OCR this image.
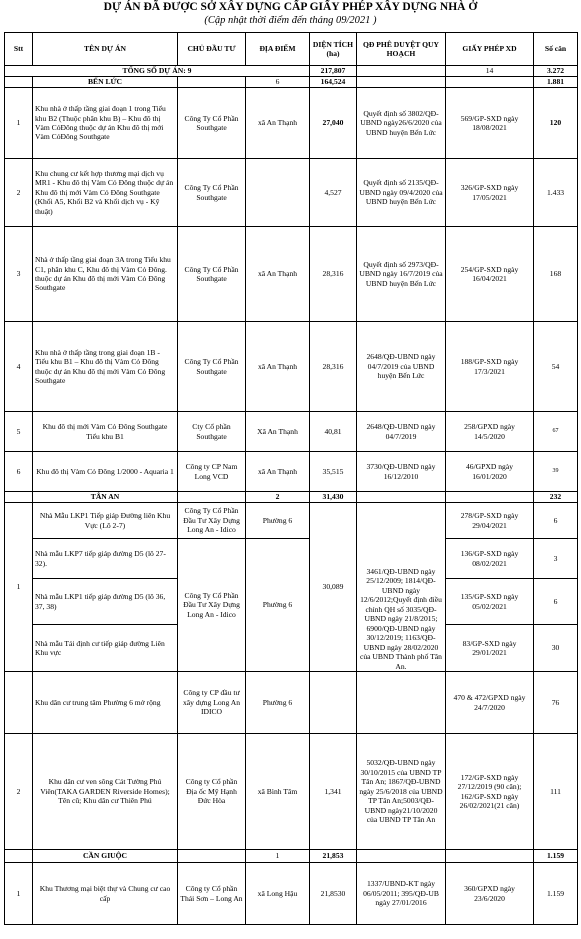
DỰ ÁN ĐÃ ĐƯỢC SỞ XÂY DỰNG CẤP GIẤY PHÉP XÂY DỰNG NHÀ Ở
(Cập nhật thời điểm đến tháng 09/2021 )
Stt	TÊN DỰ ÁN	CHỦ ĐẦU TƯ	ĐỊA ĐIỂM	DIỆN TÍCH (ha)	QĐ PHÊ DUYỆT QUY HOẠCH	GIẤY PHÉP XD	Số căn
TỔNG SỐ DỰ ÁN: 9				217,807		14	3.272
	BẾN LỨC		6	164,524			1.881
1	Khu nhà ở thấp tầng giai đoạn 1 trong Tiểu khu B2 (Thuộc phân khu B) – Khu đô thị Vàm CỏĐông thuộc dự án Khu đô thị mới Vàm CỏĐông Southgate	Công Ty Cổ Phần Southgate	xã An Thạnh	27,040	Quyết định số 3802/QĐ-UBND ngày26/6/2020 của UBND huyện Bến Lức	569/GP-SXD ngày 18/08/2021	120
2	Khu chung cư kết hợp thương mại dịch vụ MR1 - Khu đô thị Vàm Cỏ Đông thuộc dự án Khu đô thị mới Vàm Cỏ Đông Southgate (Khối A5, Khối B2 và Khối dịch vụ - Kỹ thuật)	Công Ty Cổ Phần Southgate		4,527	Quyết định số 2135/QĐ-UBND ngày 09/4/2020 của UBND huyện Bến Lức	326/GP-SXD ngày 17/05/2021	1.433
3	Nhà ở thấp tầng giai đoạn 3A trong Tiểu khu C1, phân khu C, Khu đô thị Vàm Cỏ Đông. thuộc dự án Khu đô thị mới Vàm Cỏ Đông Southgate	Công Ty Cổ Phần Southgate	xã An Thạnh	28,316	Quyết định số 2973/QĐ-UBND ngày 16/7/2019 của UBND huyện Bến Lức	254/GP-SXD ngày 16/04/2021	168
4	Khu nhà ở thấp tầng trong giai đoạn 1B - Tiểu khu B1 – Khu đô thị Vàm Cỏ Đông thuộc dự án Khu đô thị mới Vàm Cỏ Đông Southgate	Công Ty Cổ Phần Southgate	xã An Thạnh	28,316	2648/QĐ-UBND ngày 04/7/2019 của UBND huyện Bến Lức	188/GP-SXD ngày 17/3/2021	54
5	Khu đô thị mới Vàm Cỏ Đông Southgate Tiểu khu B1	Cty Cổ phần Southgate	Xã An Thạnh	40,81	2648/QĐ-UBND ngày 04/7/2019	258/GPXD ngày 14/5/2020	67
6	Khu đô thị Vàm Cỏ Đông 1/2000 - Aquaria 1	Công ty CP Nam Long VCD	xã An Thạnh	35,515	3730/QĐ-UBND ngày 16/12/2010	46/GPXD ngày 16/01/2020	39
	TÂN AN		2	31,430			232
1	Nhà Mẫu LKP1 Tiếp giáp Đường liên Khu Vực (Lô 2-7)	Công Ty Cổ Phần Đầu Tư Xây Dựng Long An - Idico	Phường 6	30,089	3461/QĐ-UBND ngày 25/12/2009; 1814/QĐ-UBND ngày 12/6/2012;Quyết định điều chỉnh QH số 3035/QĐ-UBND ngày 21/8/2015; 6900/QĐ-UBND ngày 30/12/2019; 1163/QĐ-UBND ngày 28/02/2020 của UBND Thành phố Tân An.	278/GP-SXD ngày 29/04/2021	6
	Nhà mẫu LKP7 tiếp giáp đường D5 (lô 27-32).	Công Ty Cổ Phần Đầu Tư Xây Dựng Long An - Idico	Phường 6			136/GP-SXD ngày 08/02/2021	3
	Nhà mẫu LKP1 tiếp giáp đường D5 (lô 36, 37, 38)					135/GP-SXD ngày 05/02/2021	6
	Nhà mẫu Tái định cư tiếp giáp đường Liên Khu vực					83/GP-SXD ngày 29/01/2021	30
	Khu dân cư trung tâm Phường 6 mở rộng	Công ty CP đầu tư xây dựng Long An IDICO	Phường 6			470 & 472/GPXD ngày 24/7/2020	76
2	Khu dân cư ven sông Cát Tường Phú Viên(TAKA GARDEN Riverside Homes); Tên cũ; Khu dân cư Thiên Phú	Công ty Cổ phần Địa ốc Mỹ Hạnh Đức Hòa	xã Bình Tâm	1,341	5032/QĐ-UBND ngày 30/10/2015 của UBND TP Tân An; 1867/QĐ-UBND ngày 25/6/2018 của UBND TP Tân An;5003/QĐ-UBND ngày21/10/2020 của UBND TP Tân An	172/GP-SXD ngày 27/12/2019 (90 căn); 162/GP-SXD ngày 26/02/2021(21 căn)	111
	CẦN GIUỘC		1	21,853			1.159
1	Khu Thương mại biệt thự và Chung cư cao cấp	Công ty Cổ phần Thái Sơn – Long An	xã Long Hậu	21,8530	1337/UBND-KT ngày 06/05/2011; 395/QĐ-UB ngày 27/01/2016	360/GPXD ngày 23/6/2020	1.159
